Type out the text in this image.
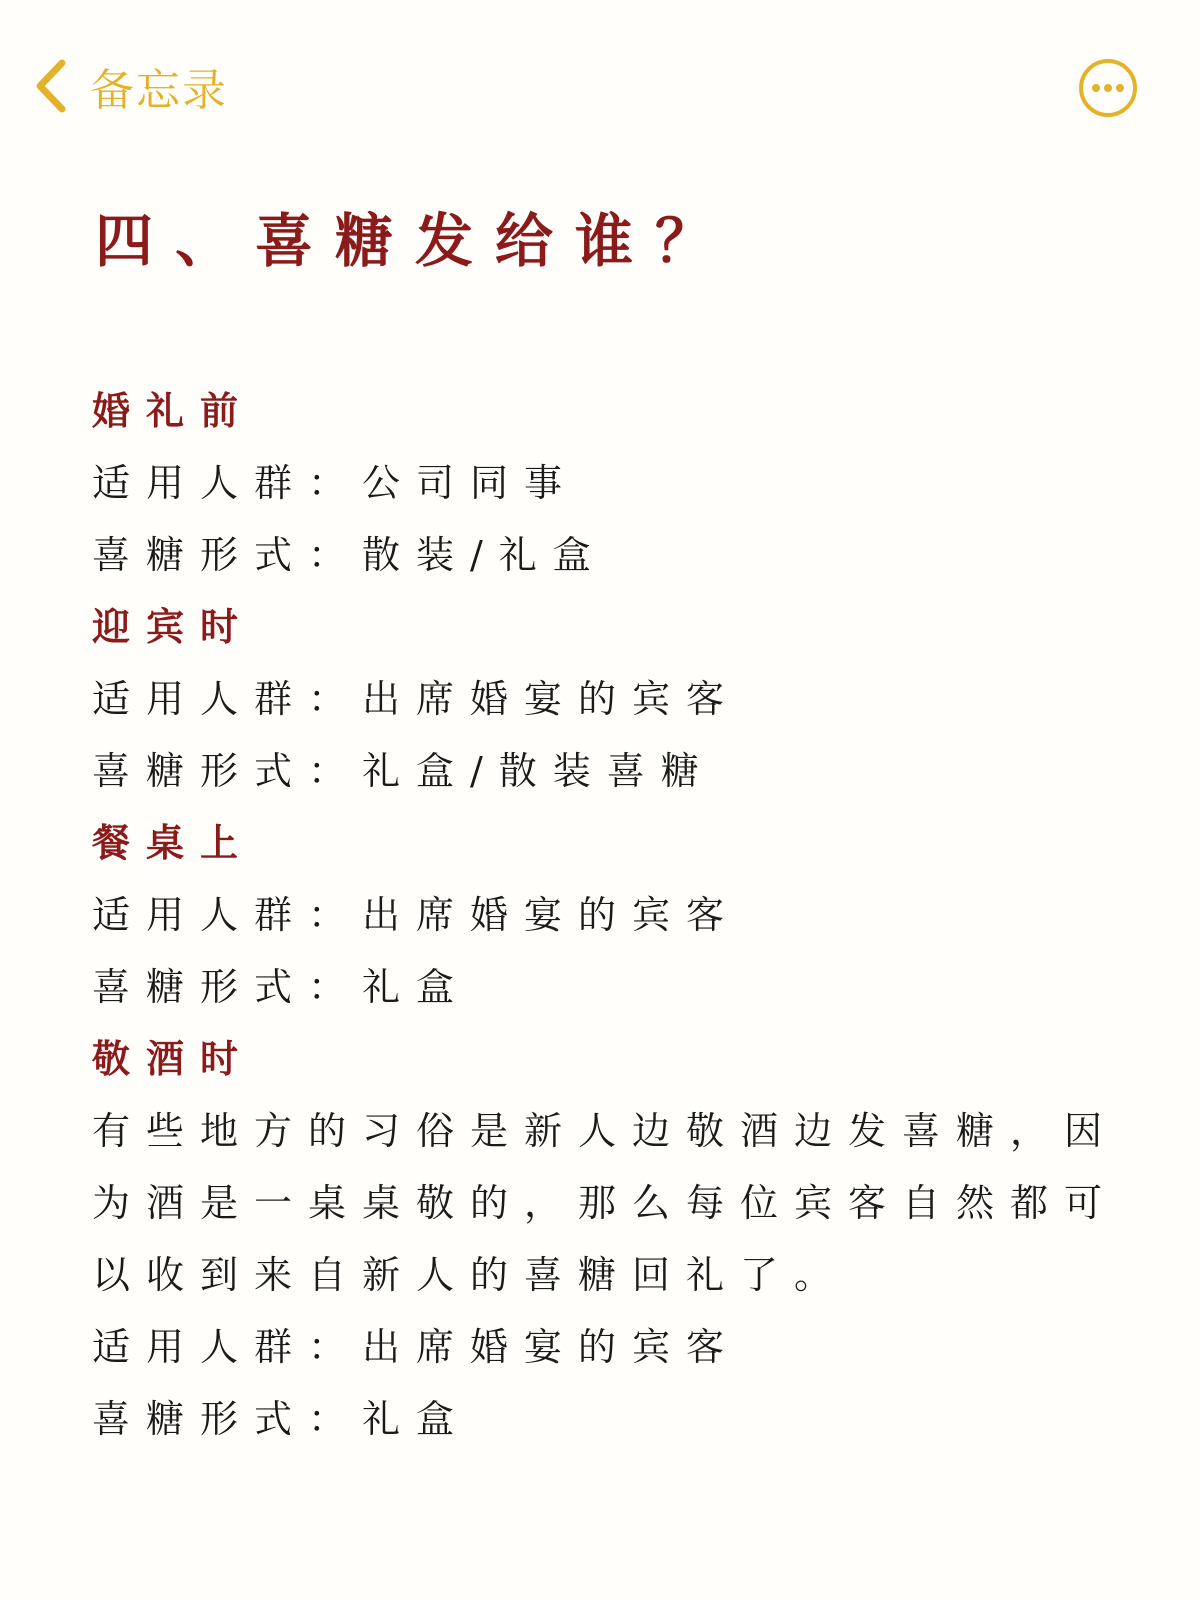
备忘录
四、喜糖发给谁？
婚礼前
适用人群：公司同事
喜糖形式：散装/礼盒
迎宾时
适用人群：出席婚宴的宾客
喜糖形式：礼盒/散装喜糖
餐桌上
适用人群：出席婚宴的宾客
喜糖形式：礼盒
敬酒时
有些地方的习俗是新人边敬酒边发喜糖，因为酒是一桌桌敬的，那么每位宾客自然都可以收到来自新人的喜糖回礼了。
适用人群：出席婚宴的宾客
喜糖形式：礼盒
